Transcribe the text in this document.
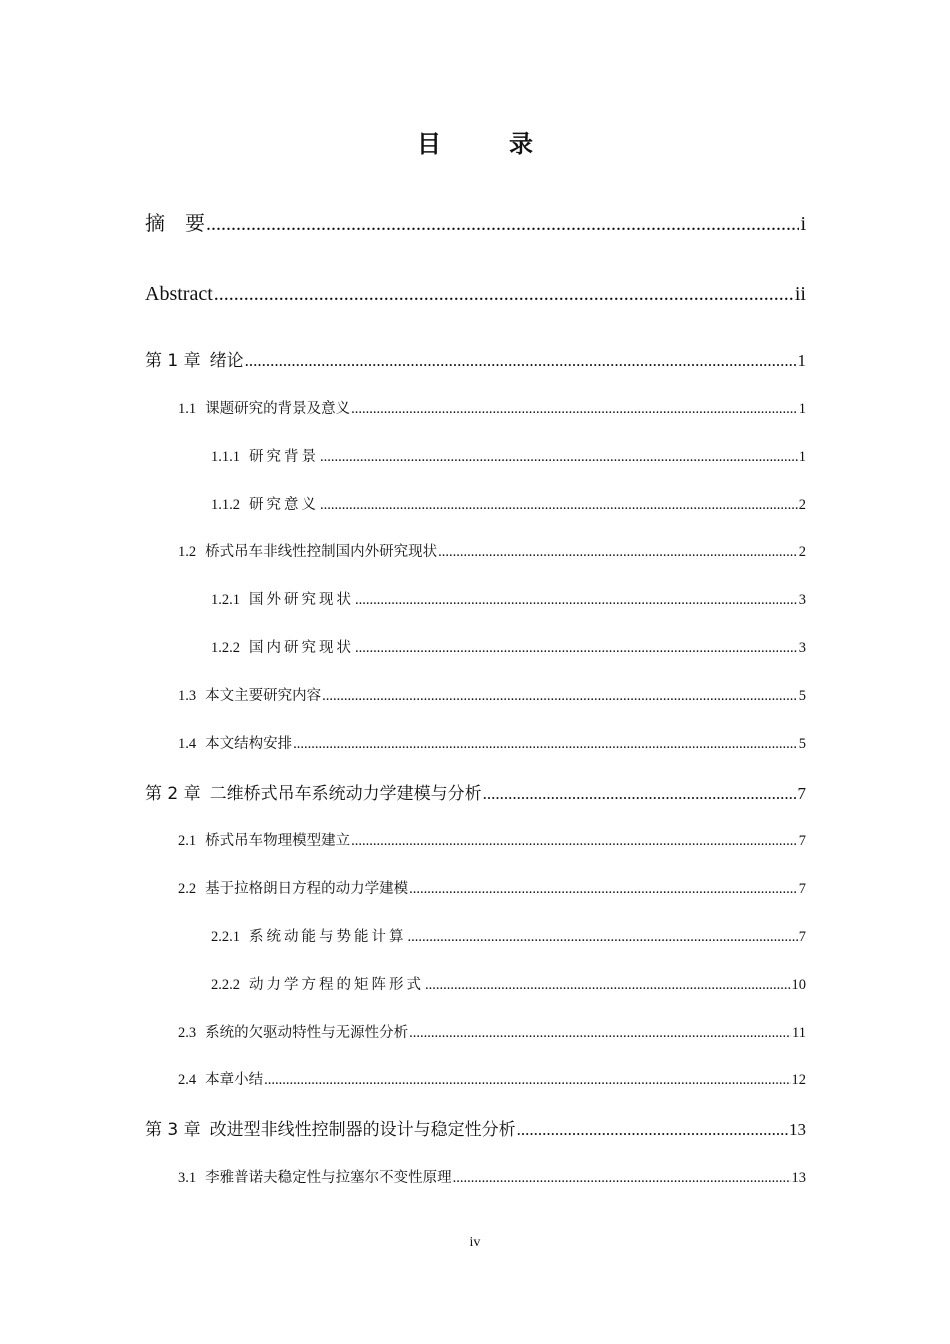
目　录
摘　要 .....	i
Abstract .....	ii
第 1 章 绪论 .....	1
1.1 课题研究的背景及意义 .....	1
1.1.1 研究背景 .....	1
1.1.2 研究意义 .....	2
1.2 桥式吊车非线性控制国内外研究现状 .....	2
1.2.1 国外研究现状 .....	3
1.2.2 国内研究现状 .....	3
1.3 本文主要研究内容 .....	5
1.4 本文结构安排 .....	5
第 2 章 二维桥式吊车系统动力学建模与分析 .....	7
2.1 桥式吊车物理模型建立 .....	7
2.2 基于拉格朗日方程的动力学建模 .....	7
2.2.1 系统动能与势能计算 .....	7
2.2.2 动力学方程的矩阵形式 .....	10
2.3 系统的欠驱动特性与无源性分析 .....	11
2.4 本章小结 .....	12
第 3 章 改进型非线性控制器的设计与稳定性分析 .....	13
3.1 李雅普诺夫稳定性与拉塞尔不变性原理 .....	13
iv
